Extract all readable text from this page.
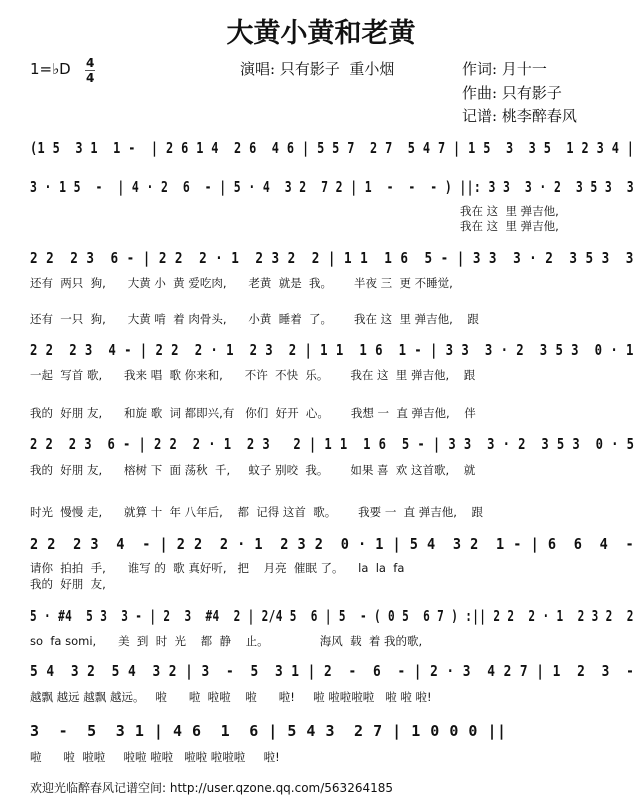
大黄小黄和老黄
1=♭D 4
4	演唱: 只有影子  重小烟	作词: 月十一
作曲: 只有影子
记谱: 桃李醉春风
(1 5  3 1  1 -  | 2 6 1 4  2 6  4 6 | 5 5 7  2 7  5 4 7 | 1 5  3  3 5  1 2 3 4 |
3 · 1 5  -  | 4 · 2  6  - | 5 · 4  3 2  7 2 | 1  -  -  - ) ||: 3 3  3 · 2  3 5 3  3
我在 这  里 弹吉他,
我在 这  里 弹吉他,
2 2  2 3  6 - | 2 2  2 · 1  2 3 2  2 | 1 1  1 6  5 - | 3 3  3 · 2  3 5 3  3
还有  两只  狗,      大黄 小  黄 爱吃肉,      老黄  就是  我。      半夜 三  更 不睡觉,
还有  一只  狗,      大黄 啃  着 肉骨头,      小黄  睡着  了。      我在 这  里 弹吉他,    跟
2 2  2 3  4 - | 2 2  2 · 1  2 3  2 | 1 1  1 6  1 - | 3 3  3 · 2  3 5 3  0 · 1
一起  写首 歌,      我来 唱  歌 你来和,      不许  不快  乐。      我在 这  里 弹吉他,    跟
我的  好朋 友,      和旋 歌  词 都即兴,有   你们  好开  心。      我想 一  直 弹吉他,    伴
2 2  2 3  6 - | 2 2  2 · 1  2 3   2 | 1 1  1 6  5 - | 3 3  3 · 2  3 5 3  0 · 5
我的  好朋 友,      榕树 下  面 荡秋  千,     蚊子 别咬  我。      如果 喜  欢 这首歌,    就
时光  慢慢 走,      就算 十  年 八年后,    都  记得 这首  歌。      我要 一  直 弹吉他,    跟
2 2  2 3  4  - | 2 2  2 · 1  2 3 2  0 · 1 | 5 4  3 2  1 - | 6  6  4  -
请你  拍拍  手,      谁写 的  歌 真好听,   把    月亮  催眠 了。    la  la  fa
我的  好朋  友,
5 · #4  5 3  3 - | 2  3  #4  2 | 2/4 5  6 | 5  - ( 0 5  6 7 ) :|| 2 2  2 · 1  2 3 2  2
so  fa somi,      美  到  时  光    都  静    止。              海风  载  着 我的歌,
5 4  3 2  5 4  3 2 | 3  -  5  3 1 | 2  -  6  - | 2 · 3  4 2 7 | 1  2  3  -
越飘 越远 越飘 越远。   啦      啦  啦啦    啦      啦!     啦 啦啦啦啦   啦 啦 啦!
3  -  5  3 1 | 4 6  1  6 | 5 4 3  2 7 | 1 0 0 0 ||
啦      啦  啦啦     啦啦 啦啦   啦啦 啦啦啦     啦!
欢迎光临醉春风记谱空间: http://user.qzone.qq.com/563264185
